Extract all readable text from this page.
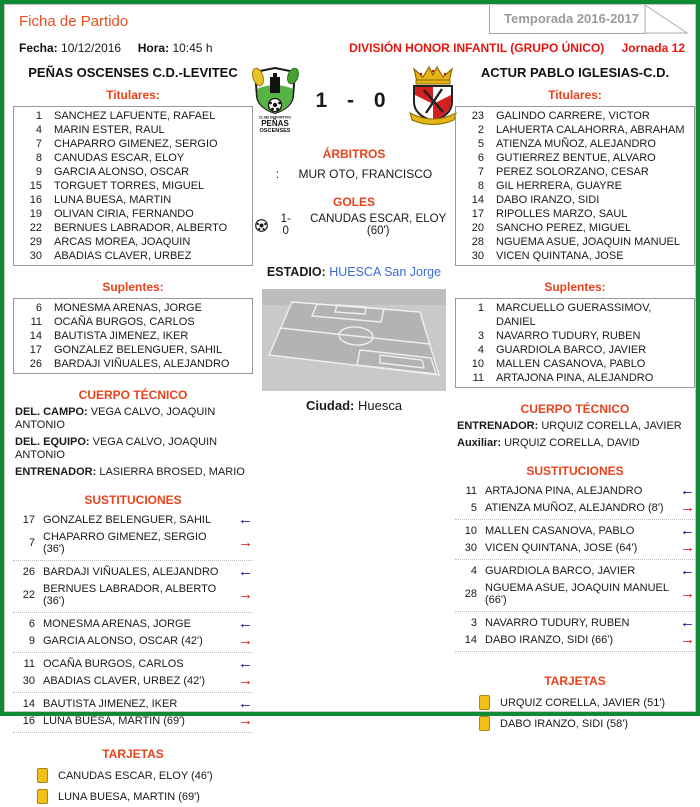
Ficha de Partido	Temporada 2016-2017
Fecha: 10/12/2016 Hora: 10:45 h	DIVISIÓN HONOR INFANTIL (GRUPO ÚNICO) Jornada 12
PEÑAS OSCENSES C.D.-LEVITEC
Titulares:
1	SANCHEZ LAFUENTE, RAFAEL
4	MARIN ESTER, RAUL
7	CHAPARRO GIMENEZ, SERGIO
8	CANUDAS ESCAR, ELOY
9	GARCIA ALONSO, OSCAR
15	TORGUET TORRES, MIGUEL
16	LUNA BUESA, MARTIN
19	OLIVAN CIRIA, FERNANDO
22	BERNUES LABRADOR, ALBERTO
29	ARCAS MOREA, JOAQUIN
30	ABADIAS CLAVER, URBEZ
Suplentes:
6	MONESMA ARENAS, JORGE
11	OCAÑA BURGOS, CARLOS
14	BAUTISTA JIMENEZ, IKER
17	GONZALEZ BELENGUER, SAHIL
26	BARDAJI VIÑUALES, ALEJANDRO
CUERPO TÉCNICO
DEL. CAMPO: VEGA CALVO, JOAQUIN ANTONIO
DEL. EQUIPO: VEGA CALVO, JOAQUIN ANTONIO
ENTRENADOR: LASIERRA BROSED, MARIO
SUSTITUCIONES
17 GONZALEZ BELENGUER, SAHIL	←
7 CHAPARRO GIMENEZ, SERGIO (36')	→
26 BARDAJI VIÑUALES, ALEJANDRO	←
22 BERNUES LABRADOR, ALBERTO (36')	→
6 MONESMA ARENAS, JORGE	←
9 GARCIA ALONSO, OSCAR (42')	→
11 OCAÑA BURGOS, CARLOS	←
30 ABADIAS CLAVER, URBEZ (42')	→
14 BAUTISTA JIMENEZ, IKER	←
16 LUNA BUESA, MARTIN (69')	→
TARJETAS
CANUDAS ESCAR, ELOY (46')
LUNA BUESA, MARTIN (69')
CLUB DEPORTIVO
PEÑAS
OSCENSES
1 - 0
ÁRBITROS
: MUR OTO, FRANCISCO
GOLES
1-0
CANUDAS ESCAR, ELOY (60')
ESTADIO: HUESCA San Jorge
Ciudad: Huesca
ACTUR PABLO IGLESIAS-C.D.
Titulares:
23	GALINDO CARRERE, VICTOR
2	LAHUERTA CALAHORRA, ABRAHAM
5	ATIENZA MUÑOZ, ALEJANDRO
6	GUTIERREZ BENTUE, ALVARO
7	PEREZ SOLORZANO, CESAR
8	GIL HERRERA, GUAYRE
14	DABO IRANZO, SIDI
17	RIPOLLES MARZO, SAUL
20	SANCHO PEREZ, MIGUEL
28	NGUEMA ASUE, JOAQUIN MANUEL
30	VICEN QUINTANA, JOSE
Suplentes:
1	MARCUELLO GUERASSIMOV, DANIEL
3	NAVARRO TUDURY, RUBEN
4	GUARDIOLA BARCO, JAVIER
10	MALLEN CASANOVA, PABLO
11	ARTAJONA PINA, ALEJANDRO
CUERPO TÉCNICO
ENTRENADOR: URQUIZ CORELLA, JAVIER
Auxiliar: URQUIZ CORELLA, DAVID
SUSTITUCIONES
11 ARTAJONA PINA, ALEJANDRO	←
5 ATIENZA MUÑOZ, ALEJANDRO (8')	→
10 MALLEN CASANOVA, PABLO	←
30 VICEN QUINTANA, JOSE (64')	→
4 GUARDIOLA BARCO, JAVIER	←
28 NGUEMA ASUE, JOAQUIN MANUEL (66')	→
3 NAVARRO TUDURY, RUBEN	←
14 DABO IRANZO, SIDI (66')	→
TARJETAS
URQUIZ CORELLA, JAVIER (51')
DABO IRANZO, SIDI (58')
